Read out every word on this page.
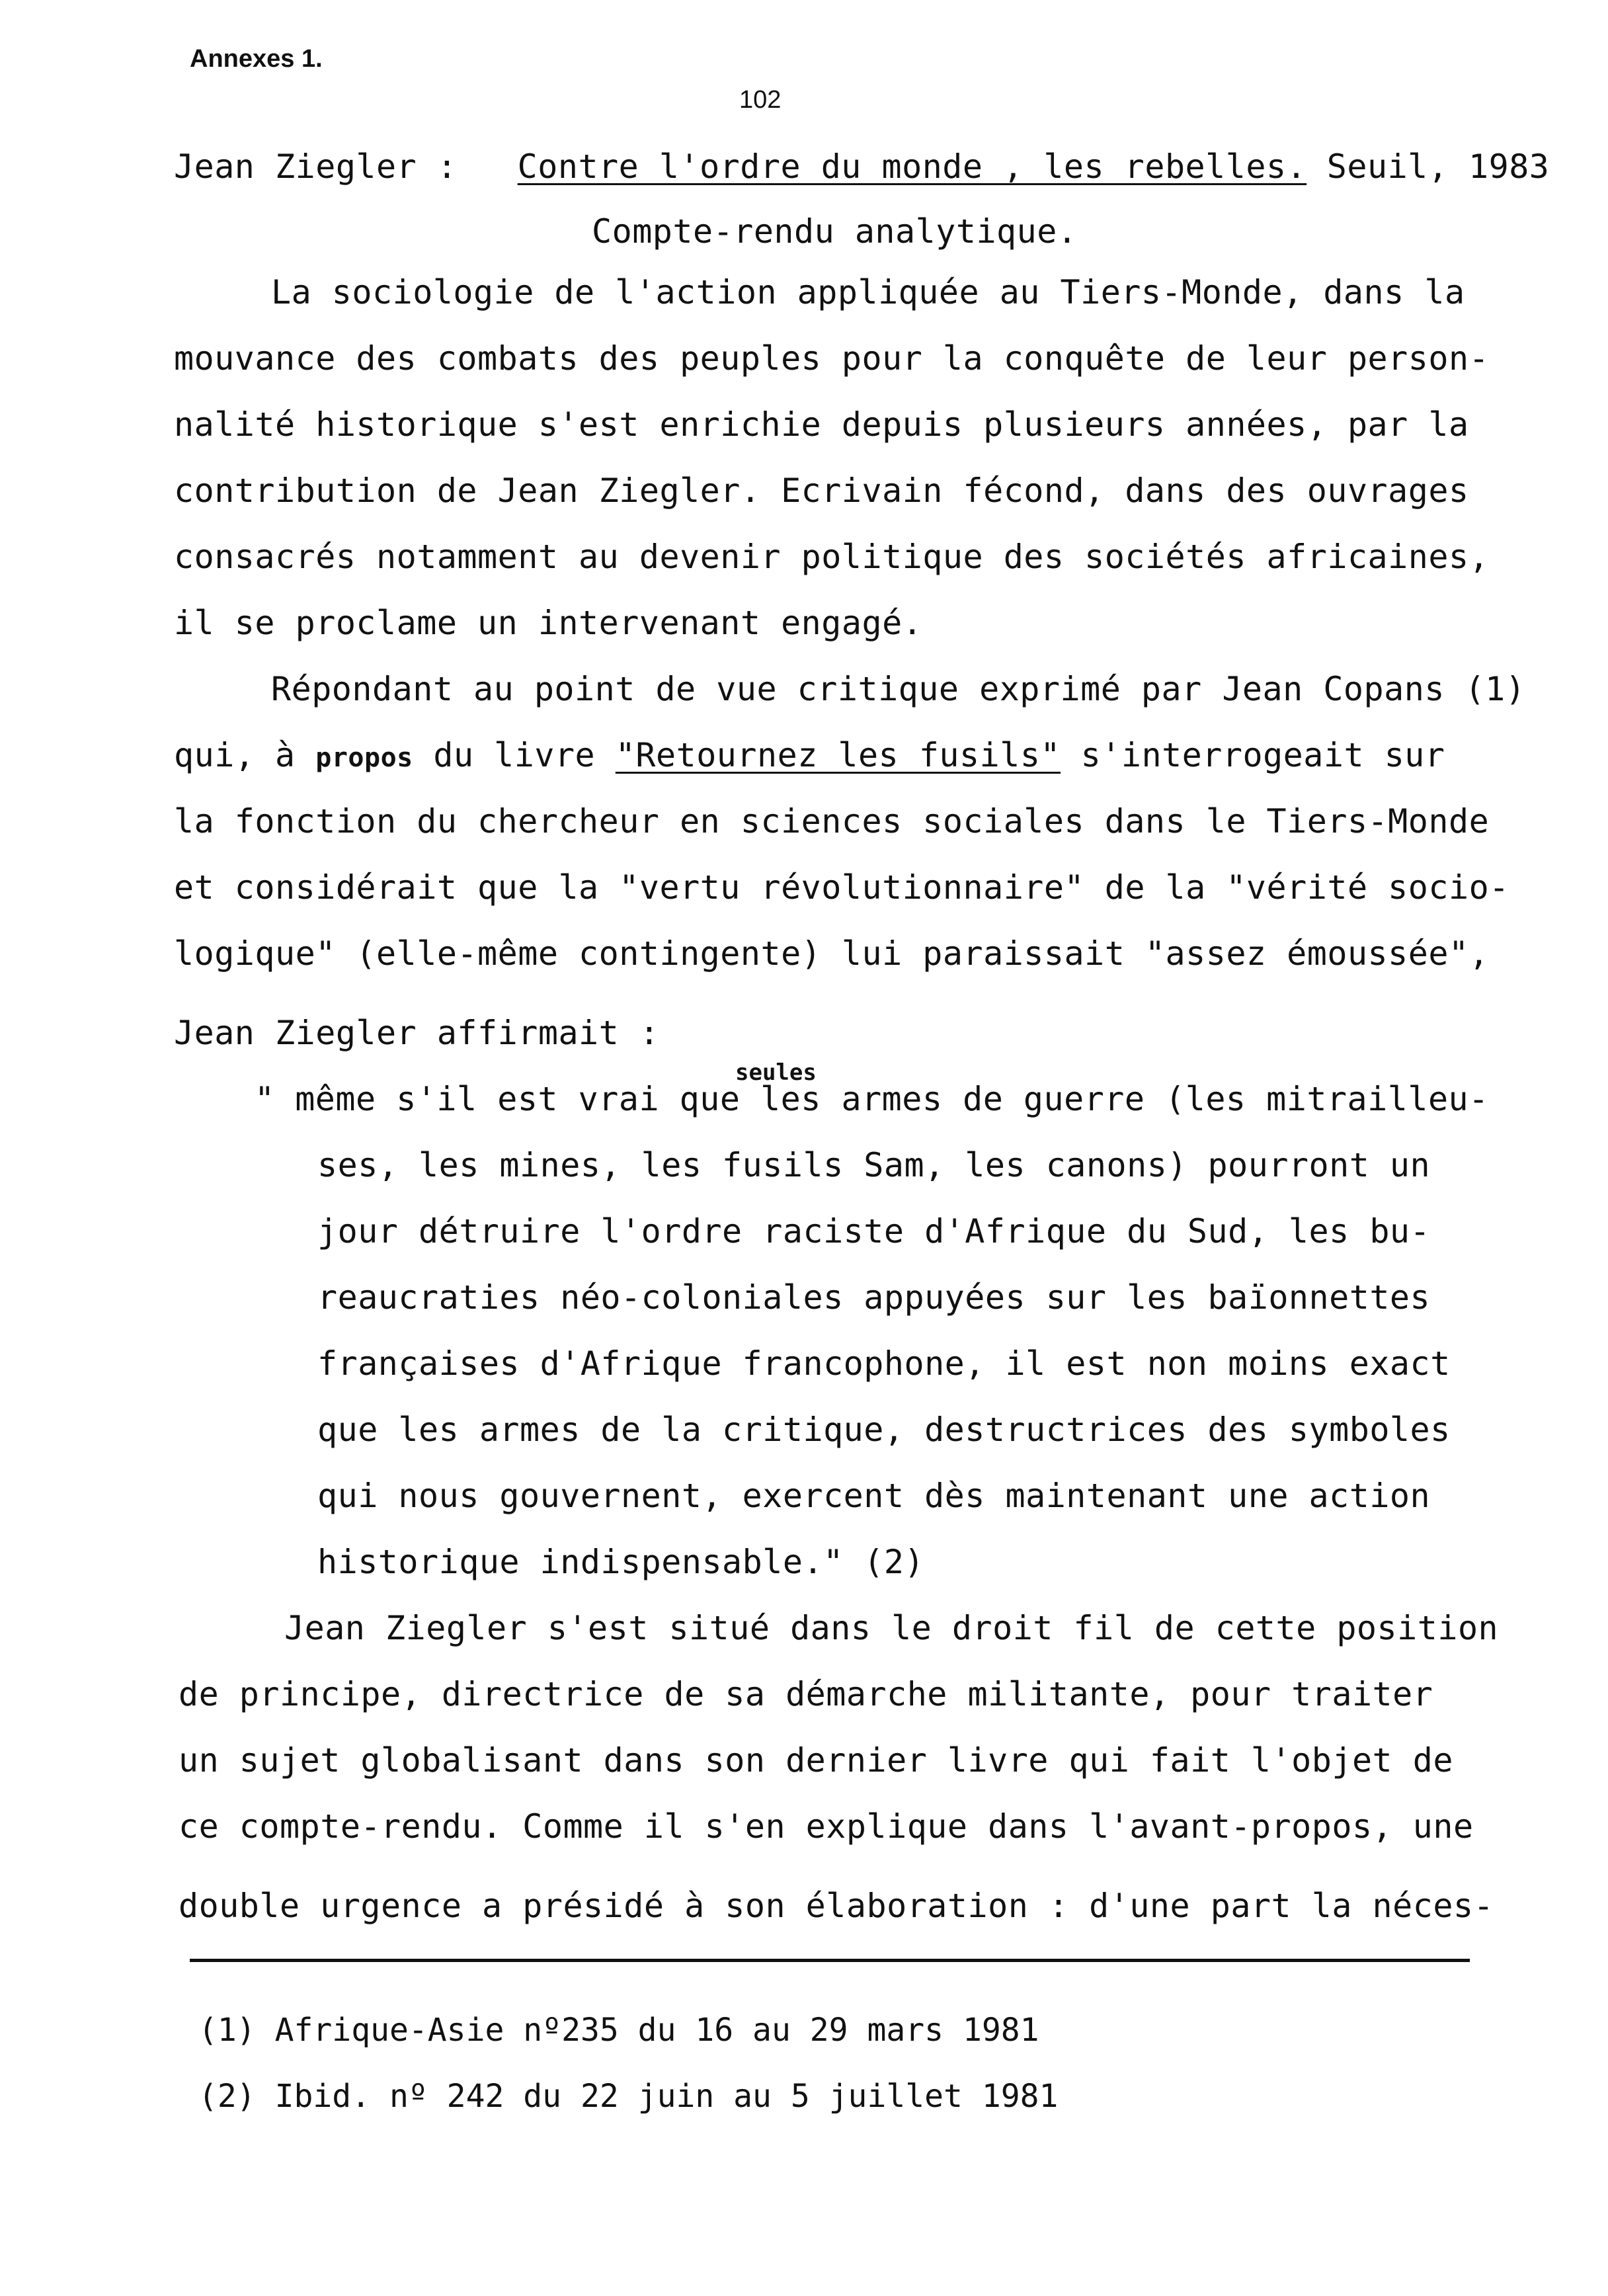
Annexes 1.
102
Jean Ziegler : Contre l'ordre du monde , les rebelles. Seuil, 1983
Compte-rendu analytique.
La sociologie de l'action appliquée au Tiers-Monde, dans la
mouvance des combats des peuples pour la conquête de leur person-
nalité historique s'est enrichie depuis plusieurs années, par la
contribution de Jean Ziegler. Ecrivain fécond, dans des ouvrages
consacrés notamment au devenir politique des sociétés africaines,
il se proclame un intervenant engagé.
Répondant au point de vue critique exprimé par Jean Copans (1)
qui, à propos du livre "Retournez les fusils" s'interrogeait sur
la fonction du chercheur en sciences sociales dans le Tiers-Monde
et considérait que la "vertu révolutionnaire" de la "vérité socio-
logique" (elle-même contingente) lui paraissait "assez émoussée",
Jean Ziegler affirmait :
seules
" même s'il est vrai que les armes de guerre (les mitrailleu-
ses, les mines, les fusils Sam, les canons) pourront un
jour détruire l'ordre raciste d'Afrique du Sud, les bu-
reaucraties néo-coloniales appuyées sur les baïonnettes
françaises d'Afrique francophone, il est non moins exact
que les armes de la critique, destructrices des symboles
qui nous gouvernent, exercent dès maintenant une action
historique indispensable." (2)
Jean Ziegler s'est situé dans le droit fil de cette position
de principe, directrice de sa démarche militante, pour traiter
un sujet globalisant dans son dernier livre qui fait l'objet de
ce compte-rendu. Comme il s'en explique dans l'avant-propos, une
double urgence a présidé à son élaboration : d'une part la néces-
(1) Afrique-Asie nº235 du 16 au 29 mars 1981
(2) Ibid. nº 242 du 22 juin au 5 juillet 1981
